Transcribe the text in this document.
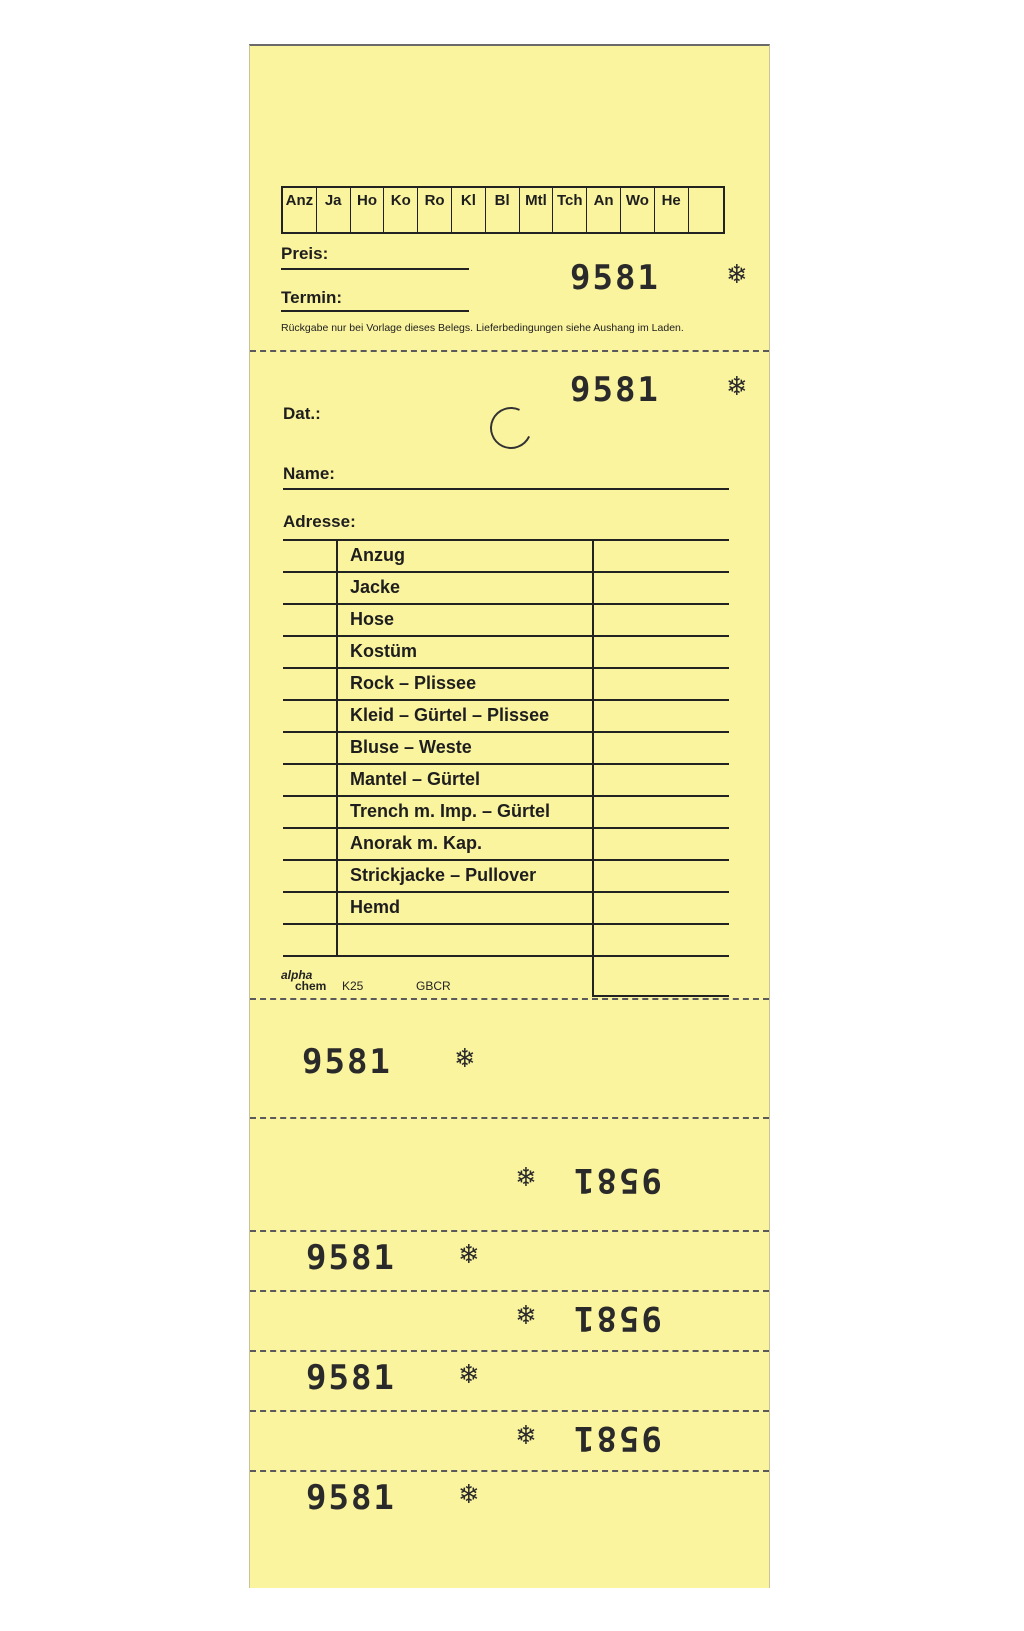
Anz Ja	Ho Ko Ro	Kl	Bl	Mtl Tch An Wo He
Preis:
Termin:	9581	❄
Rückgabe nur bei Vorlage dieses Belegs. Lieferbedingungen siehe Aushang im Laden.
9581	❄
Dat.:
Name:
Adresse:
Anzug
Jacke
Hose
Kostüm
Rock – Plissee
Kleid – Gürtel – Plissee
Bluse – Weste
Mantel – Gürtel
Trench m. Imp. – Gürtel
Anorak m. Kap.
Strickjacke – Pullover
Hemd
alpha
chem K25	GBCR
9581 ❄
9581
❄
9581 ❄
9581
❄
9581 ❄
9581
❄
9581 ❄
